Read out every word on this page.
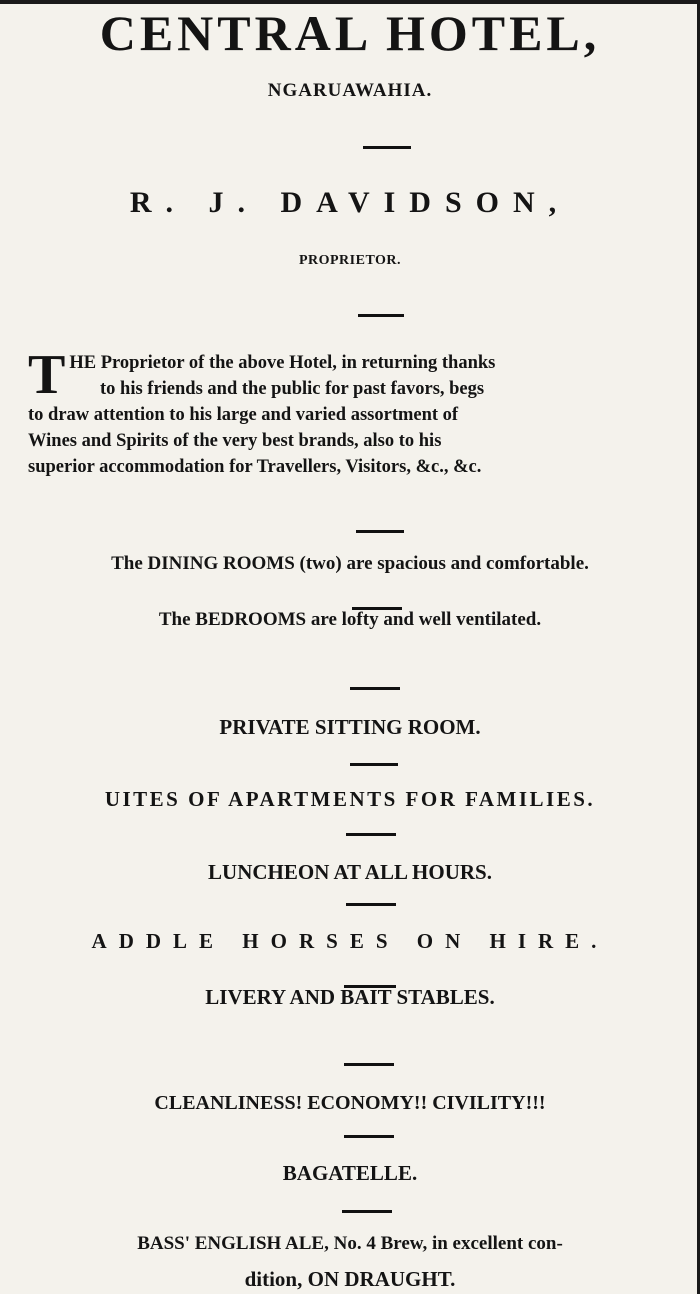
CENTRAL HOTEL,
NGARUAWAHIA.
R. J. DAVIDSON,
PROPRIETOR.
T HE Proprietor of the above Hotel, in returning thanks
to his friends and the public for past favors, begs
to draw attention to his large and varied assortment of
Wines and Spirits of the very best brands, also to his
superior accommodation for Travellers, Visitors, &c., &c.
The DINING ROOMS (two) are spacious and comfortable.
The BEDROOMS are lofty and well ventilated.
PRIVATE SITTING ROOM.
UITES OF APARTMENTS FOR FAMILIES.
LUNCHEON AT ALL HOURS.
ADDLE HORSES ON HIRE.
LIVERY AND BAIT STABLES.
CLEANLINESS! ECONOMY!! CIVILITY!!!
BAGATELLE.
BASS' ENGLISH ALE, No. 4 Brew, in excellent con-
dition, ON DRAUGHT.
